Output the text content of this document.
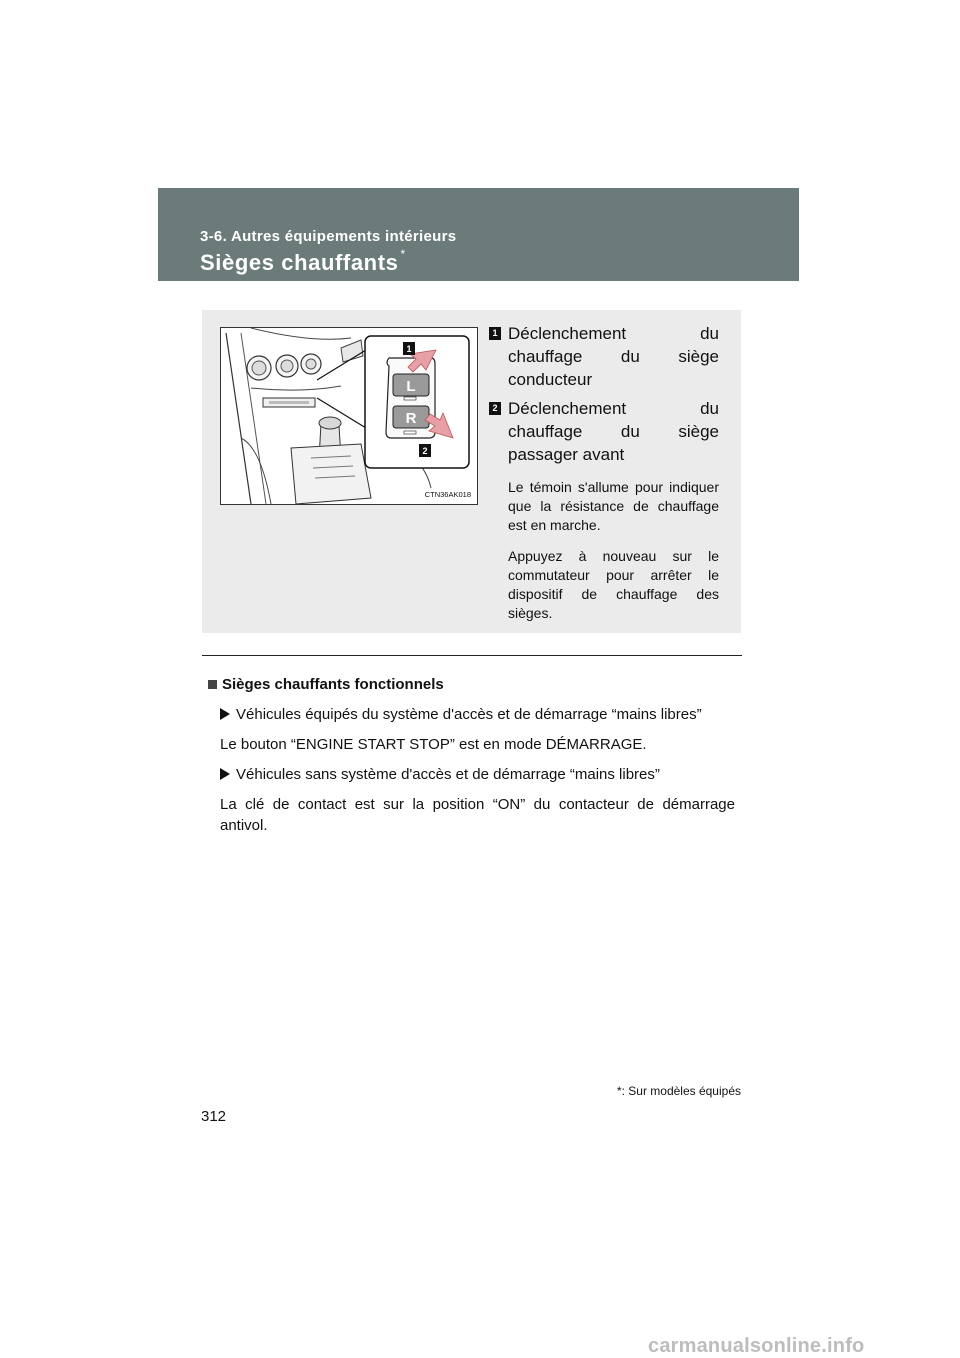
3-6. Autres équipements intérieurs
Sièges chauffants *
L
R
1
2
CTN36AK018
1 Déclenchement du chauffage du siège conducteur
2 Déclenchement du chauffage du siège passager avant
Le témoin s'allume pour indiquer que la résistance de chauffage est en marche.
Appuyez à nouveau sur le commutateur pour arrêter le dispositif de chauffage des sièges.
Sièges chauffants fonctionnels
Véhicules équipés du système d'accès et de démarrage “mains libres”
Le bouton “ENGINE START STOP” est en mode DÉMARRAGE.
Véhicules sans système d'accès et de démarrage “mains libres”
La clé de contact est sur la position “ON” du contacteur de démarrage antivol.
*: Sur modèles équipés
312
carmanualsonline.info
